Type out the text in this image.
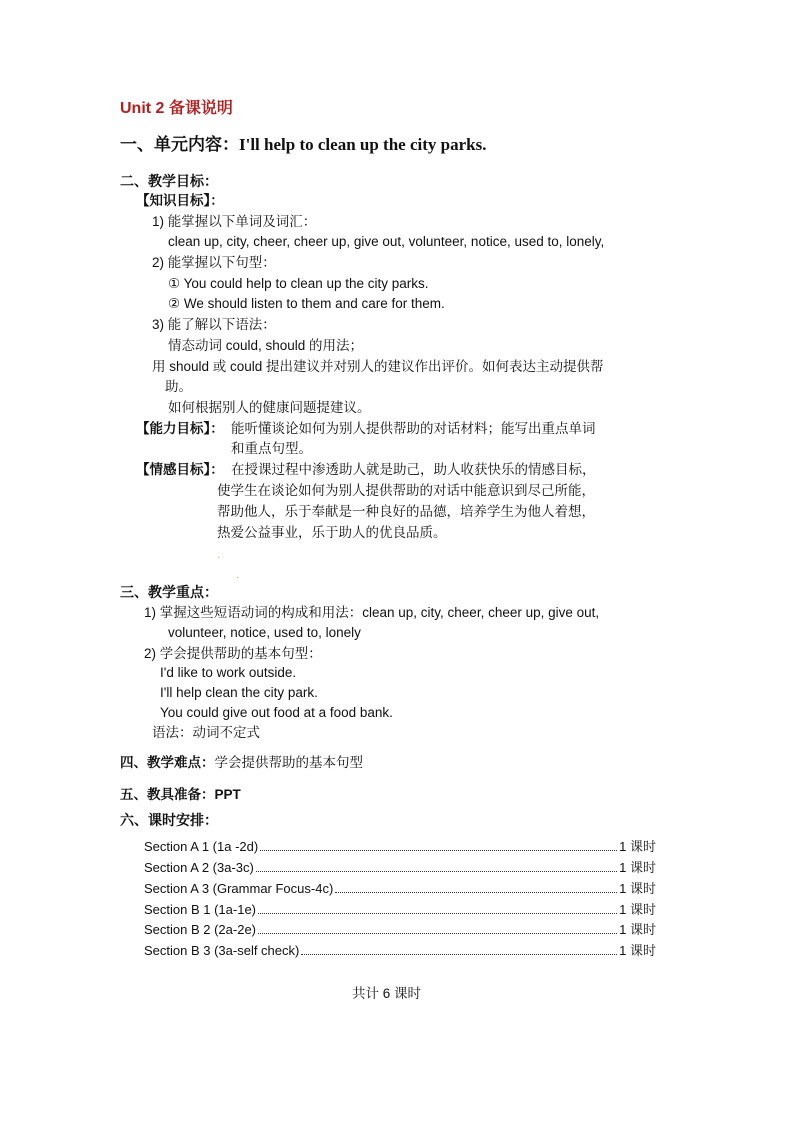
Unit 2 备课说明
一、单元内容：I'll help to clean up the city parks.
二、教学目标：
【知识目标】：
1) 能掌握以下单词及词汇：
clean up, city, cheer, cheer up, give out, volunteer, notice, used to, lonely,
2) 能掌握以下句型：
① You could help to clean up the city parks.
② We should listen to them and care for them.
3) 能了解以下语法：
情态动词 could, should 的用法；
用 should 或 could 提出建议并对别人的建议作出评价。如何表达主动提供帮
助。
如何根据别人的健康问题提建议。
【能力目标】： 能听懂谈论如何为别人提供帮助的对话材料；能写出重点单词
和重点句型。
【情感目标】： 在授课过程中渗透助人就是助己，助人收获快乐的情感目标，
使学生在谈论如何为别人提供帮助的对话中能意识到尽己所能，
帮助他人，乐于奉献是一种良好的品德，培养学生为他人着想，
热爱公益事业，乐于助人的优良品质。
·
·
三、教学重点：
1) 掌握这些短语动词的构成和用法：clean up, city, cheer, cheer up, give out,
volunteer, notice, used to, lonely
2) 学会提供帮助的基本句型：
I'd like to work outside.
I'll help clean the city park.
You could give out food at a food bank.
语法：动词不定式
四、教学难点：学会提供帮助的基本句型
五、教具准备：PPT
六、课时安排：
Section A 1 (1a -2d)	1 课时
Section A 2 (3a-3c)	1 课时
Section A 3 (Grammar Focus-4c)	1 课时
Section B 1 (1a-1e)	1 课时
Section B 2 (2a-2e)	1 课时
Section B 3 (3a-self check)	1 课时
共计 6 课时
